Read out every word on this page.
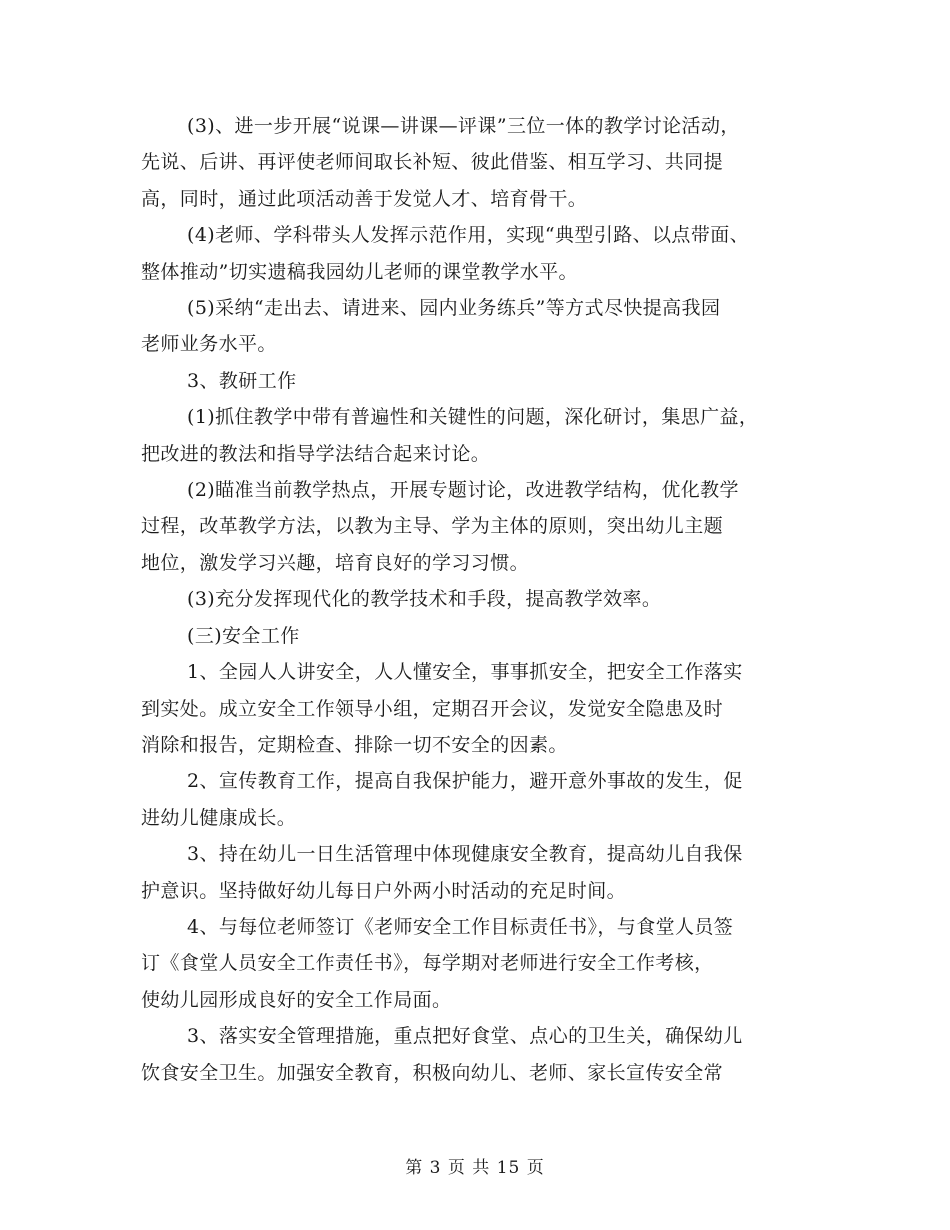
(3)、进一步开展“说课—讲课—评课”三位一体的教学讨论活动，
先说、后讲、再评使老师间取长补短、彼此借鉴、相互学习、共同提
高，同时，通过此项活动善于发觉人才、培育骨干。

(4)老师、学科带头人发挥示范作用，实现“典型引路、以点带面、
整体推动”切实遗稿我园幼儿老师的课堂教学水平。

(5)采纳“走出去、请进来、园内业务练兵”等方式尽快提高我园
老师业务水平。

3、教研工作

(1)抓住教学中带有普遍性和关键性的问题，深化研讨，集思广益，
把改进的教法和指导学法结合起来讨论。

(2)瞄准当前教学热点，开展专题讨论，改进教学结构，优化教学
过程，改革教学方法，以教为主导、学为主体的原则，突出幼儿主题
地位，激发学习兴趣，培育良好的学习习惯。

(3)充分发挥现代化的教学技术和手段，提高教学效率。

(三)安全工作

1、全园人人讲安全，人人懂安全，事事抓安全，把安全工作落实
到实处。成立安全工作领导小组，定期召开会议，发觉安全隐患及时
消除和报告，定期检查、排除一切不安全的因素。

2、宣传教育工作，提高自我保护能力，避开意外事故的发生，促
进幼儿健康成长。

3、持在幼儿一日生活管理中体现健康安全教育，提高幼儿自我保
护意识。坚持做好幼儿每日户外两小时活动的充足时间。

4、与每位老师签订《老师安全工作目标责任书》，与食堂人员签
订《食堂人员安全工作责任书》，每学期对老师进行安全工作考核，
使幼儿园形成良好的安全工作局面。

3、落实安全管理措施，重点把好食堂、点心的卫生关，确保幼儿
饮食安全卫生。加强安全教育，积极向幼儿、老师、家长宣传安全常

第 3 页 共 15 页
